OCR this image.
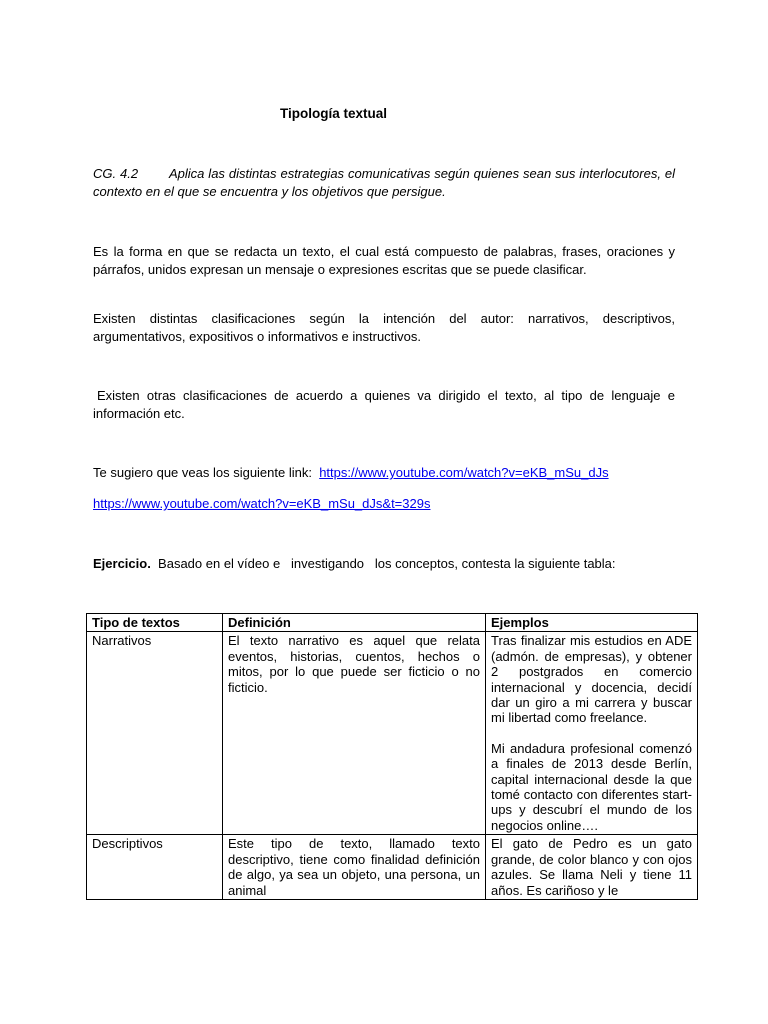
Tipología textual
CG. 4.2 Aplica las distintas estrategias comunicativas según quienes sean sus interlocutores, el contexto en el que se encuentra y los objetivos que persigue.
Es la forma en que se redacta un texto, el cual está compuesto de palabras, frases, oraciones y párrafos, unidos expresan un mensaje o expresiones escritas que se puede clasificar.
Existen distintas clasificaciones según la intención del autor: narrativos, descriptivos, argumentativos, expositivos o informativos e instructivos.
Existen otras clasificaciones de acuerdo a quienes va dirigido el texto, al tipo de lenguaje e información etc.
Te sugiero que veas los siguiente link: https://www.youtube.com/watch?v=eKB_mSu_dJs
https://www.youtube.com/watch?v=eKB_mSu_dJs&t=329s
Ejercicio. Basado en el vídeo e   investigando   los conceptos, contesta la siguiente tabla:
Tipo de textos	Definición	Ejemplos
Narrativos	El texto narrativo es aquel que relata eventos, historias, cuentos, hechos o mitos, por lo que puede ser ficticio o no ficticio.	Tras finalizar mis estudios en ADE (admón. de empresas), y obtener 2 postgrados en comercio internacional y docencia, decidí dar un giro a mi carrera y buscar mi libertad como freelance.

Mi andadura profesional comenzó a finales de 2013 desde Berlín, capital internacional desde la que tomé contacto con diferentes start-ups y descubrí el mundo de los negocios online….

Descriptivos	Este tipo de texto, llamado texto descriptivo, tiene como finalidad definición de algo, ya sea un objeto, una persona, un animal	El gato de Pedro es un gato grande, de color blanco y con ojos azules. Se llama Neli y tiene 11 años. Es cariñoso y le
